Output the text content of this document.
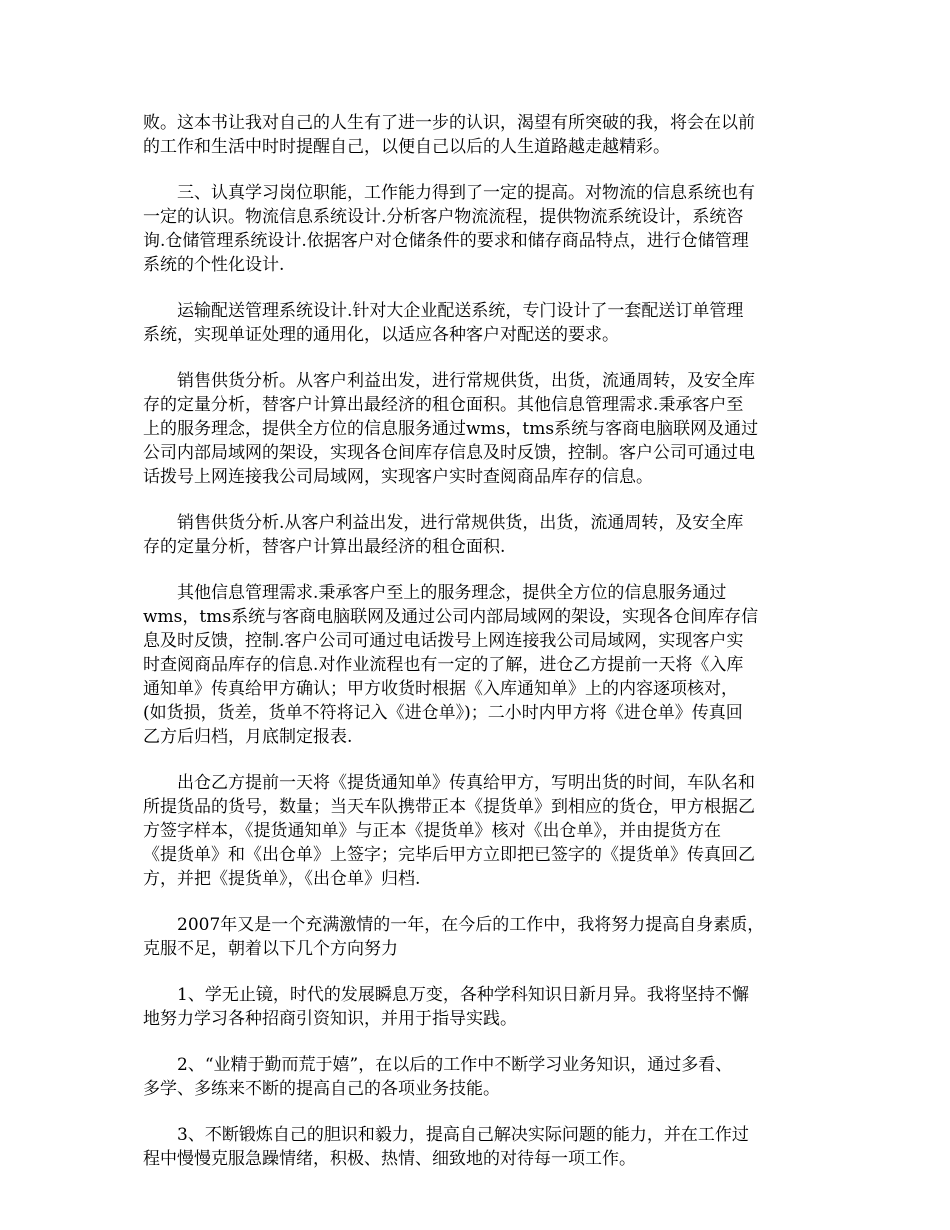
败。这本书让我对自己的人生有了进一步的认识，渴望有所突破的我，将会在以前
的工作和生活中时时提醒自己，以便自己以后的人生道路越走越精彩。

三、认真学习岗位职能，工作能力得到了一定的提高。对物流的信息系统也有
一定的认识。物流信息系统设计.分析客户物流流程，提供物流系统设计，系统咨
询.仓储管理系统设计.依据客户对仓储条件的要求和储存商品特点，进行仓储管理
系统的个性化设计.

运输配送管理系统设计.针对大企业配送系统，专门设计了一套配送订单管理
系统，实现单证处理的通用化，以适应各种客户对配送的要求。

销售供货分析。从客户利益出发，进行常规供货，出货，流通周转，及安全库
存的定量分析，替客户计算出最经济的租仓面积。其他信息管理需求.秉承客户至
上的服务理念，提供全方位的信息服务通过wms，tms系统与客商电脑联网及通过
公司内部局域网的架设，实现各仓间库存信息及时反馈，控制。客户公司可通过电
话拨号上网连接我公司局域网，实现客户实时查阅商品库存的信息。

销售供货分析.从客户利益出发，进行常规供货，出货，流通周转，及安全库
存的定量分析，替客户计算出最经济的租仓面积.

其他信息管理需求.秉承客户至上的服务理念，提供全方位的信息服务通过
wms，tms系统与客商电脑联网及通过公司内部局域网的架设，实现各仓间库存信
息及时反馈，控制.客户公司可通过电话拨号上网连接我公司局域网，实现客户实
时查阅商品库存的信息.对作业流程也有一定的了解，进仓乙方提前一天将《入库
通知单》传真给甲方确认；甲方收货时根据《入库通知单》上的内容逐项核对，
(如货损，货差，货单不符将记入《进仓单》)；二小时内甲方将《进仓单》传真回
乙方后归档，月底制定报表.

出仓乙方提前一天将《提货通知单》传真给甲方，写明出货的时间，车队名和
所提货品的货号，数量；当天车队携带正本《提货单》到相应的货仓，甲方根据乙
方签字样本，《提货通知单》与正本《提货单》核对《出仓单》，并由提货方在
《提货单》和《出仓单》上签字；完毕后甲方立即把已签字的《提货单》传真回乙
方，并把《提货单》，《出仓单》归档.

2007年又是一个充满激情的一年，在今后的工作中，我将努力提高自身素质，
克服不足，朝着以下几个方向努力

1、学无止镜，时代的发展瞬息万变，各种学科知识日新月异。我将坚持不懈
地努力学习各种招商引资知识，并用于指导实践。

2、“业精于勤而荒于嬉”，在以后的工作中不断学习业务知识，通过多看、
多学、多练来不断的提高自己的各项业务技能。

3、不断锻炼自己的胆识和毅力，提高自己解决实际问题的能力，并在工作过
程中慢慢克服急躁情绪，积极、热情、细致地的对待每一项工作。
